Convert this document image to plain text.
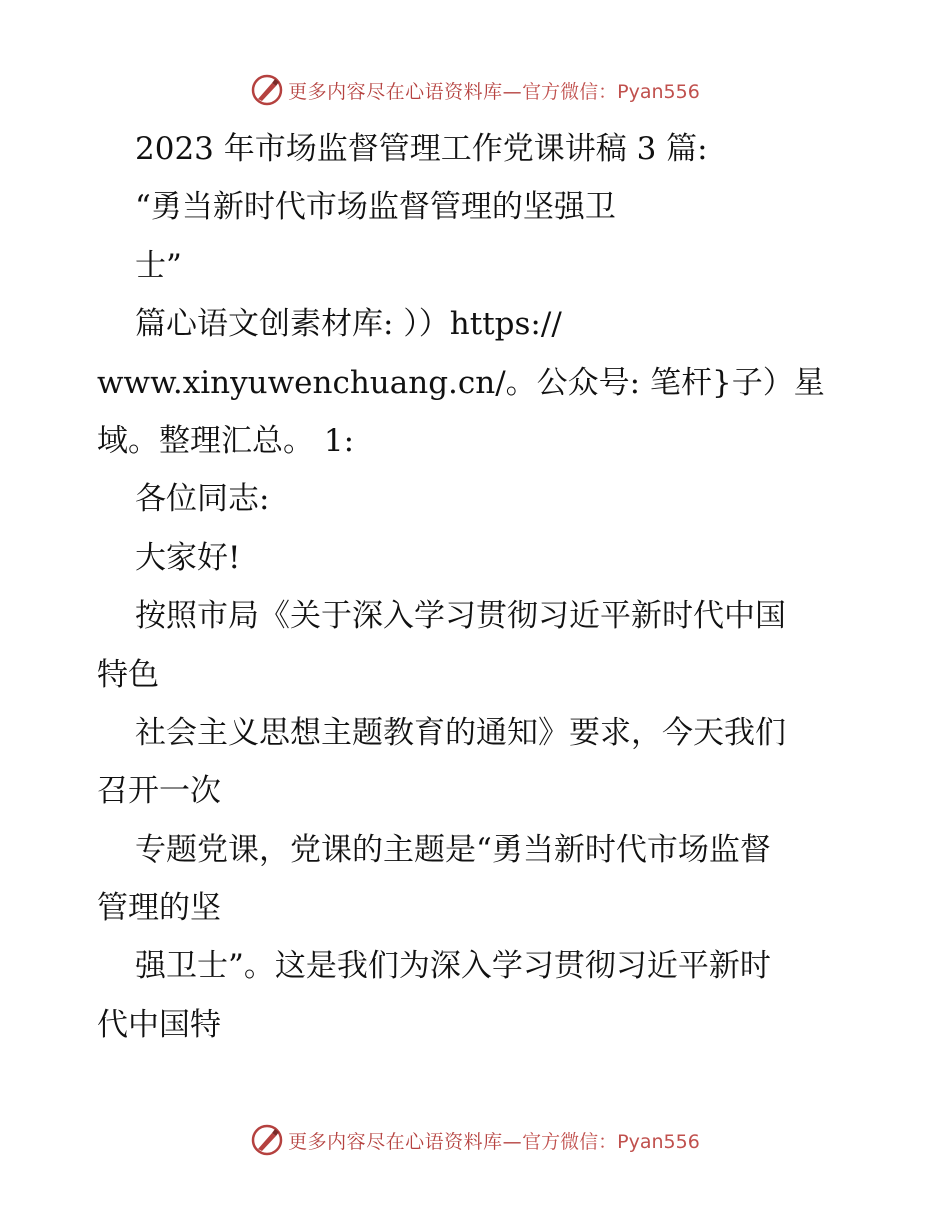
更多内容尽在心语资料库— 官方微信：Pyan556
2023 年市场监督管理工作党课讲稿 3 篇:
“勇当新时代市场监督管理的坚强卫
士”
篇心语文创素材库: ））https://
www.xinyuwenchuang.cn/。公众号: 笔杆}子）星
域。整理汇总。 1:
各位同志:
大家好!
按照市局《关于深入学习贯彻习近平新时代中国
特色
社会主义思想主题教育的通知》要求，今天我们
召开一次
专题党课，党课的主题是“勇当新时代市场监督
管理的坚
强卫士”。这是我们为深入学习贯彻习近平新时
代中国特
更多内容尽在心语资料库— 官方微信：Pyan556
